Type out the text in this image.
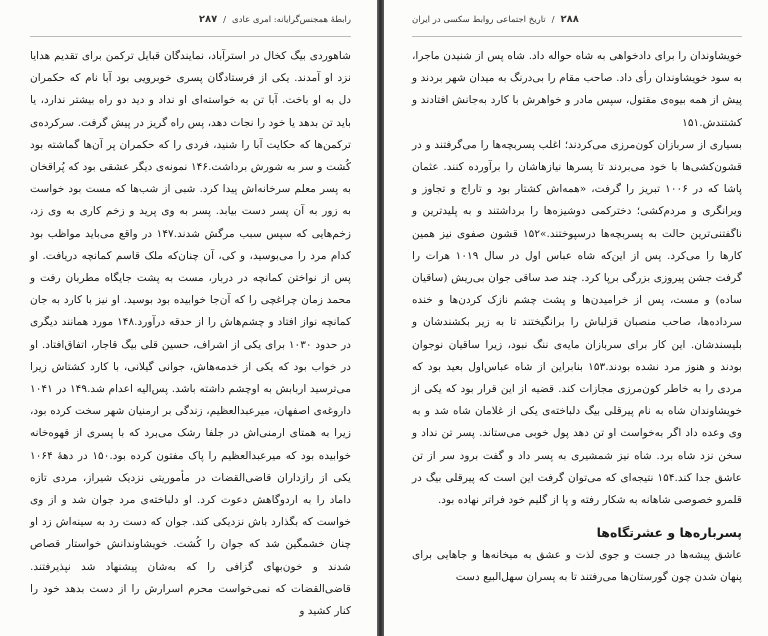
رابطهٔ همجنس‌گرایانه: امری عادی
/
۲۸۷
شاهوردی بیگ کخال در استرآباد، نمایندگان قبایل ترکمن برای تقدیم هدایا نزد او آمدند. یکی از فرستادگان پسری خوبرویی بود آبا نام که حکمران دل به او باخت. آبا تن به خواسته‌ای او نداد و دید دو راه بیشتر ندارد، یا باید تن بدهد یا خود را نجات دهد، پس راه گریز در پیش گرفت. سرکرده‌ی ترکمن‌ها که حکایت آبا را شنید، فردی را که حکمران پر آن‌ها گماشته بود کُشت و سر به شورش برداشت.۱۴۶ نمونه‌ی دیگر عشقی بود که پُراقخان به پسر معلم سرخانه‌اش پیدا کرد. شبی از شب‌ها که مست بود خواست به زور به آن پسر دست بیابد. پسر به وی پرید و زخم کاری به وی زد، زخم‌هایی که سپس سبب مرگش شدند.۱۴۷ در واقع می‌باید مواظب بود کدام مرد را می‌بوسید، و کی، آن چنان‌که ملک قاسم کمانچه دریافت. او پس از نواختن کمانچه در دربار، مست به پشت جایگاه مطربان رفت و محمد زمان چراغچی را که آن‌جا خوابیده بود بوسید. او نیز با کارد به جان کمانچه نواز افتاد و چشم‌هاش را از حدقه درآورد.۱۴۸ مورد همانند دیگری در حدود ۱۰۳۰ برای یکی از اشراف، حسین قلی بیگ قاجار، اتفاق‌افتاد. او در خواب بود که یکی از خدمه‌هاش، جوانی گیلانی، با کارد کشتاش زیرا می‌ترسید اربابش به اوچشم داشته باشد. پس‌الیه اعدام شد.۱۴۹ در ۱۰۴۱ داروغه‌ی اصفهان، میرعبدالعظیم، زندگی بر ارمنیان شهر سخت کرده بود، زیرا به همتای ارمنی‌اش در جلفا رشک می‌برد که با پسری از قهوه‌خانه خوابیده بود که میرعبدالعظیم را پاک مفتون کرده بود.۱۵۰ در دههٔ ۱۰۶۴ یکی از رازداران قاضی‌القضات در مأموریتی نزدیک شیراز، مردی تازه داماد را به اردوگاهش دعوت کرد. او دلباخته‌ی مرد جوان شد و از وی خواست که بگذارد باش نزدیکی کند. جوان که دست رد به سینه‌اش زد او چنان خشمگین شد که جوان را کُشت. خویشاوندانش خواستار قصاص شدند و خون‌بهای گزافی را که به‌شان پیشنهاد شد نپذیرفتند. قاضی‌القضات که نمی‌خواست محرم اسرارش را از دست بدهد خود را کنار کشید و
۲۸۸
/
تاریخ اجتماعی روابط سکسی در ایران
خویشاوندان را برای دادخواهی به شاه حواله داد. شاه پس از شنیدن ماجرا، به سود خویشاوندان رأی داد. صاحب مقام را بی‌درنگ به میدان شهر بردند و پیش از همه بیوه‌ی مقتول، سپس مادر و خواهرش با کارد به‌جانش افتادند و کشتندش.۱۵۱
بسیاری از سربازان کون‌مرزی می‌کردند؛ اغلب پسربچه‌ها را می‌گرفتند و در قشون‌کشی‌ها با خود می‌بردند تا پسرها نیازهاشان را برآورده کنند. عثمان پاشا که در ۱۰۰۶ تبریز را گرفت، «همه‌اش کشتار بود و تاراج و تجاوز و ویرانگری و مردم‌کشی؛ دخترکمی دوشیزه‌ها را برداشتند و به پلیدترین و ناگفتنی‌ترین حالت به پسربچه‌ها درسپوختند.»۱۵۲ قشون صفوی نیز همین کارها را می‌کرد. پس از این‌که شاه عباس اول در سال ۱۰۱۹ هرات را گرفت جشن پیروزی بزرگی برپا کرد. چند صد ساقی جوان بی‌ریش (ساقیان ساده) و مست، پس از خرامیدن‌ها و پشت چشم نازک کردن‌ها و خنده سرداده‌ها، صاحب منصبان قزلباش را برانگیختند تا به زیر بکشندشان و بلیسندشان. این کار برای سربازان مایه‌ی ننگ نبود، زیرا ساقیان نوجوان بودند و هنوز مرد نشده بودند.۱۵۳ بنابراین از شاه عباس‌اول بعید بود که مردی را به خاطر کون‌مرزی مجازات کند. قضیه از این قرار بود که یکی از خویشاوندان شاه به نام پیرقلی بیگ دلباخته‌ی یکی از غلامان شاه شد و به وی وعده داد اگر به‌خواست او تن دهد پول خوبی می‌ستاند. پسر تن نداد و سخن نزد شاه برد. شاه نیز شمشیری به پسر داد و گفت برود سر از تن عاشق جدا کند.۱۵۴ نتیجه‌ای که می‌توان گرفت این است که پیرقلی بیگ در قلمرو خصوصی شاهانه به شکار رفته و پا از گلیم خود فراتر نهاده بود.
پسرباره‌ها و عشرتگاه‌ها
عاشق پیشه‌ها در جست و جوی لذت و عشق به میخانه‌ها و جاهایی برای پنهان شدن چون گورستان‌ها می‌رفتند تا به پسران سهل‌البیع دست
